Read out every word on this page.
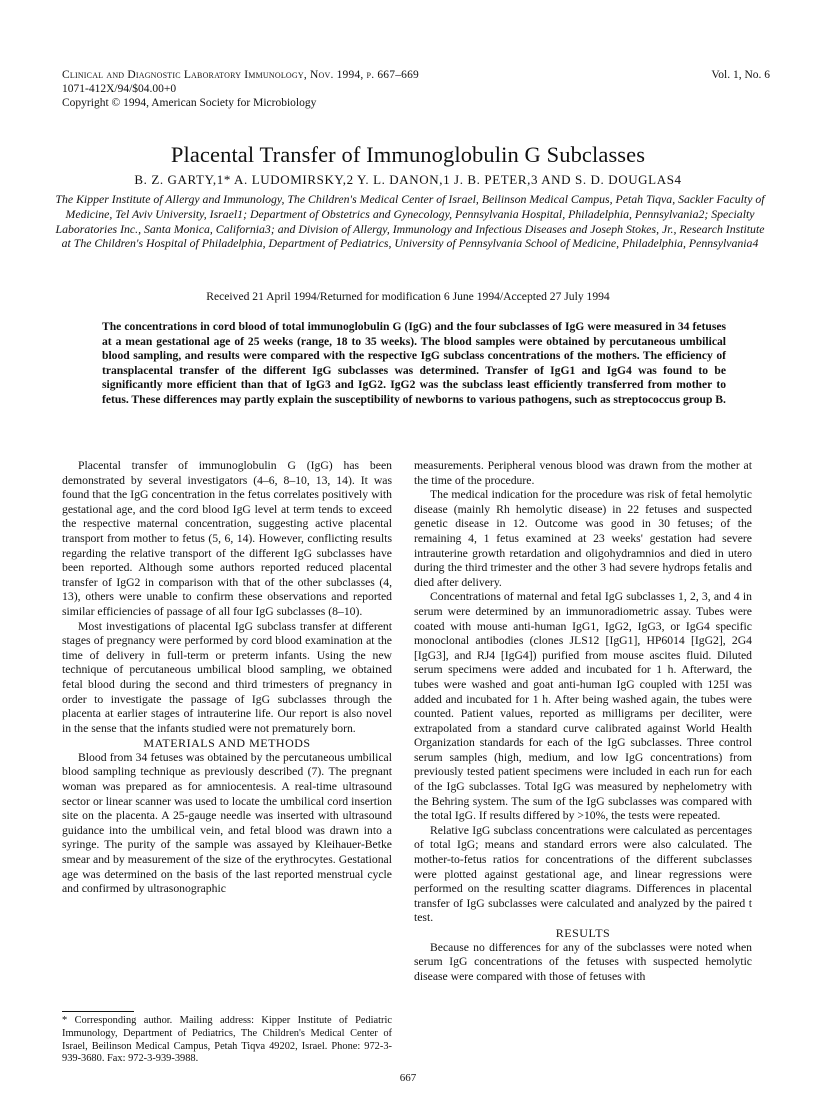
Clinical and Diagnostic Laboratory Immunology, Nov. 1994, p. 667–669
1071-412X/94/$04.00+0
Copyright © 1994, American Society for Microbiology
Vol. 1, No. 6
Placental Transfer of Immunoglobulin G Subclasses
B. Z. GARTY,1* A. LUDOMIRSKY,2 Y. L. DANON,1 J. B. PETER,3 AND S. D. DOUGLAS4
The Kipper Institute of Allergy and Immunology, The Children's Medical Center of Israel, Beilinson Medical Campus, Petah Tiqva, Sackler Faculty of Medicine, Tel Aviv University, Israel1; Department of Obstetrics and Gynecology, Pennsylvania Hospital, Philadelphia, Pennsylvania2; Specialty Laboratories Inc., Santa Monica, California3; and Division of Allergy, Immunology and Infectious Diseases and Joseph Stokes, Jr., Research Institute at The Children's Hospital of Philadelphia, Department of Pediatrics, University of Pennsylvania School of Medicine, Philadelphia, Pennsylvania4
Received 21 April 1994/Returned for modification 6 June 1994/Accepted 27 July 1994
The concentrations in cord blood of total immunoglobulin G (IgG) and the four subclasses of IgG were measured in 34 fetuses at a mean gestational age of 25 weeks (range, 18 to 35 weeks). The blood samples were obtained by percutaneous umbilical blood sampling, and results were compared with the respective IgG subclass concentrations of the mothers. The efficiency of transplacental transfer of the different IgG subclasses was determined. Transfer of IgG1 and IgG4 was found to be significantly more efficient than that of IgG3 and IgG2. IgG2 was the subclass least efficiently transferred from mother to fetus. These differences may partly explain the susceptibility of newborns to various pathogens, such as streptococcus group B.

Placental transfer of immunoglobulin G (IgG) has been demonstrated by several investigators (4–6, 8–10, 13, 14). It was found that the IgG concentration in the fetus correlates positively with gestational age, and the cord blood IgG level at term tends to exceed the respective maternal concentration, suggesting active placental transport from mother to fetus (5, 6, 14). However, conflicting results regarding the relative transport of the different IgG subclasses have been reported. Although some authors reported reduced placental transfer of IgG2 in comparison with that of the other subclasses (4, 13), others were unable to confirm these observations and reported similar efficiencies of passage of all four IgG subclasses (8–10).

Most investigations of placental IgG subclass transfer at different stages of pregnancy were performed by cord blood examination at the time of delivery in full-term or preterm infants. Using the new technique of percutaneous umbilical blood sampling, we obtained fetal blood during the second and third trimesters of pregnancy in order to investigate the passage of IgG subclasses through the placenta at earlier stages of intrauterine life. Our report is also novel in the sense that the infants studied were not prematurely born.

MATERIALS AND METHODS

Blood from 34 fetuses was obtained by the percutaneous umbilical blood sampling technique as previously described (7). The pregnant woman was prepared as for amniocentesis. A real-time ultrasound sector or linear scanner was used to locate the umbilical cord insertion site on the placenta. A 25-gauge needle was inserted with ultrasound guidance into the umbilical vein, and fetal blood was drawn into a syringe. The purity of the sample was assayed by Kleihauer-Betke smear and by measurement of the size of the erythrocytes. Gestational age was determined on the basis of the last reported menstrual cycle and confirmed by ultrasonographic

measurements. Peripheral venous blood was drawn from the mother at the time of the procedure.

The medical indication for the procedure was risk of fetal hemolytic disease (mainly Rh hemolytic disease) in 22 fetuses and suspected genetic disease in 12. Outcome was good in 30 fetuses; of the remaining 4, 1 fetus examined at 23 weeks' gestation had severe intrauterine growth retardation and oligohydramnios and died in utero during the third trimester and the other 3 had severe hydrops fetalis and died after delivery.

Concentrations of maternal and fetal IgG subclasses 1, 2, 3, and 4 in serum were determined by an immunoradiometric assay. Tubes were coated with mouse anti-human IgG1, IgG2, IgG3, or IgG4 specific monoclonal antibodies (clones JLS12 [IgG1], HP6014 [IgG2], 2G4 [IgG3], and RJ4 [IgG4]) purified from mouse ascites fluid. Diluted serum specimens were added and incubated for 1 h. Afterward, the tubes were washed and goat anti-human IgG coupled with 125I was added and incubated for 1 h. After being washed again, the tubes were counted. Patient values, reported as milligrams per deciliter, were extrapolated from a standard curve calibrated against World Health Organization standards for each of the IgG subclasses. Three control serum samples (high, medium, and low IgG concentrations) from previously tested patient specimens were included in each run for each of the IgG subclasses. Total IgG was measured by nephelometry with the Behring system. The sum of the IgG subclasses was compared with the total IgG. If results differed by >10%, the tests were repeated.

Relative IgG subclass concentrations were calculated as percentages of total IgG; means and standard errors were also calculated. The mother-to-fetus ratios for concentrations of the different subclasses were plotted against gestational age, and linear regressions were performed on the resulting scatter diagrams. Differences in placental transfer of IgG subclasses were calculated and analyzed by the paired t test.

RESULTS

Because no differences for any of the subclasses were noted when serum IgG concentrations of the fetuses with suspected hemolytic disease were compared with those of fetuses with

* Corresponding author. Mailing address: Kipper Institute of Pediatric Immunology, Department of Pediatrics, The Children's Medical Center of Israel, Beilinson Medical Campus, Petah Tiqva 49202, Israel. Phone: 972-3-939-3680. Fax: 972-3-939-3988.
667
